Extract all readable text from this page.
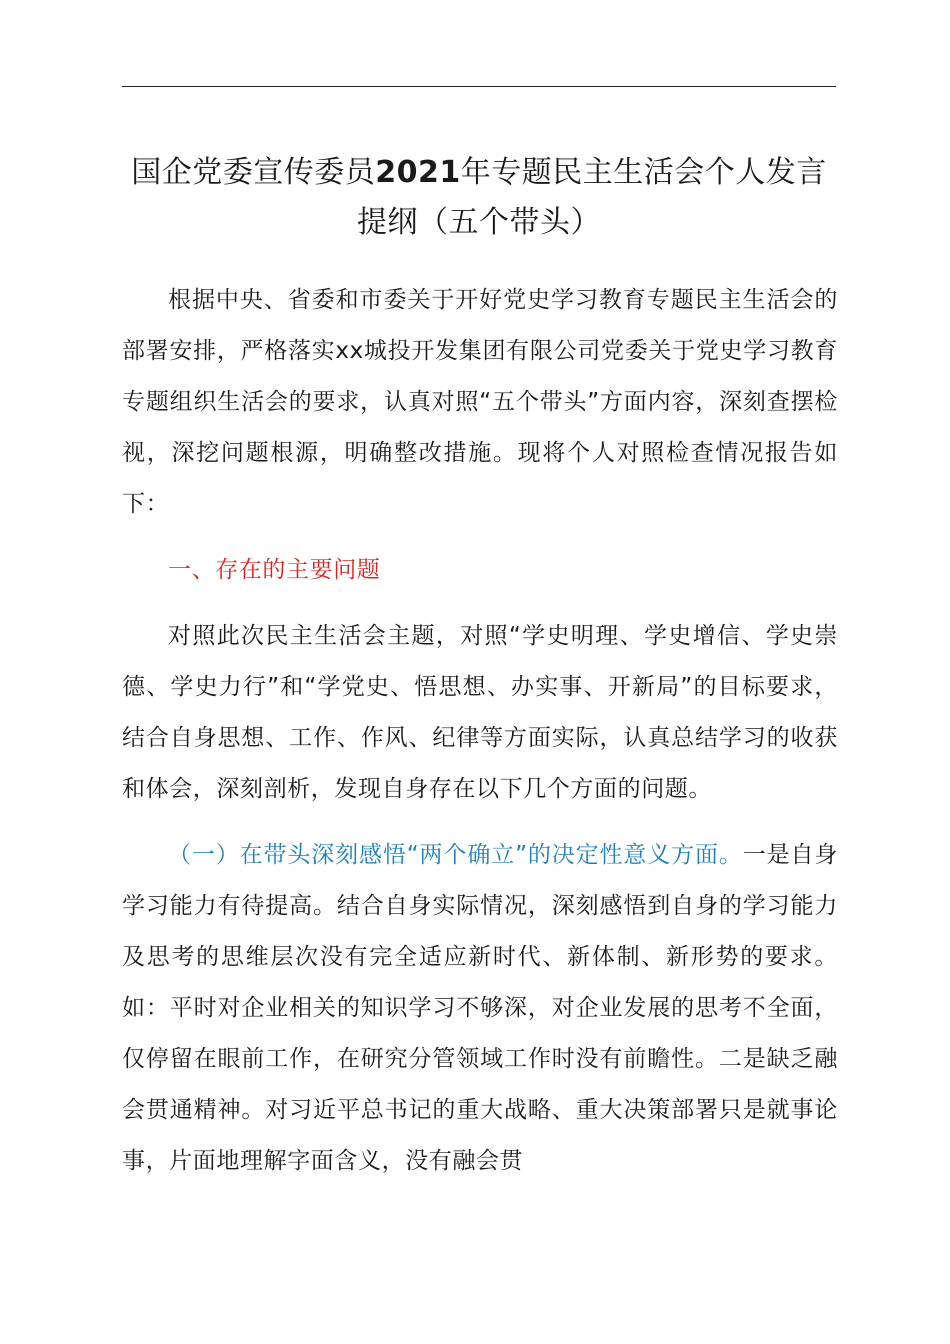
国企党委宣传委员2021年专题民主生活会个人发言提纲（五个带头）

根据中央、省委和市委关于开好党史学习教育专题民主生活会的部署安排，严格落实xx城投开发集团有限公司党委关于党史学习教育专题组织生活会的要求，认真对照“五个带头”方面内容，深刻查摆检视，深挖问题根源，明确整改措施。现将个人对照检查情况报告如下：

一、存在的主要问题

对照此次民主生活会主题，对照“学史明理、学史增信、学史崇德、学史力行”和“学党史、悟思想、办实事、开新局”的目标要求，结合自身思想、工作、作风、纪律等方面实际，认真总结学习的收获和体会，深刻剖析，发现自身存在以下几个方面的问题。

（一）在带头深刻感悟“两个确立”的决定性意义方面。一是自身学习能力有待提高。结合自身实际情况，深刻感悟到自身的学习能力及思考的思维层次没有完全适应新时代、新体制、新形势的要求。如：平时对企业相关的知识学习不够深，对企业发展的思考不全面，仅停留在眼前工作，在研究分管领域工作时没有前瞻性。二是缺乏融会贯通精神。对习近平总书记的重大战略、重大决策部署只是就事论事，片面地理解字面含义，没有融会贯
